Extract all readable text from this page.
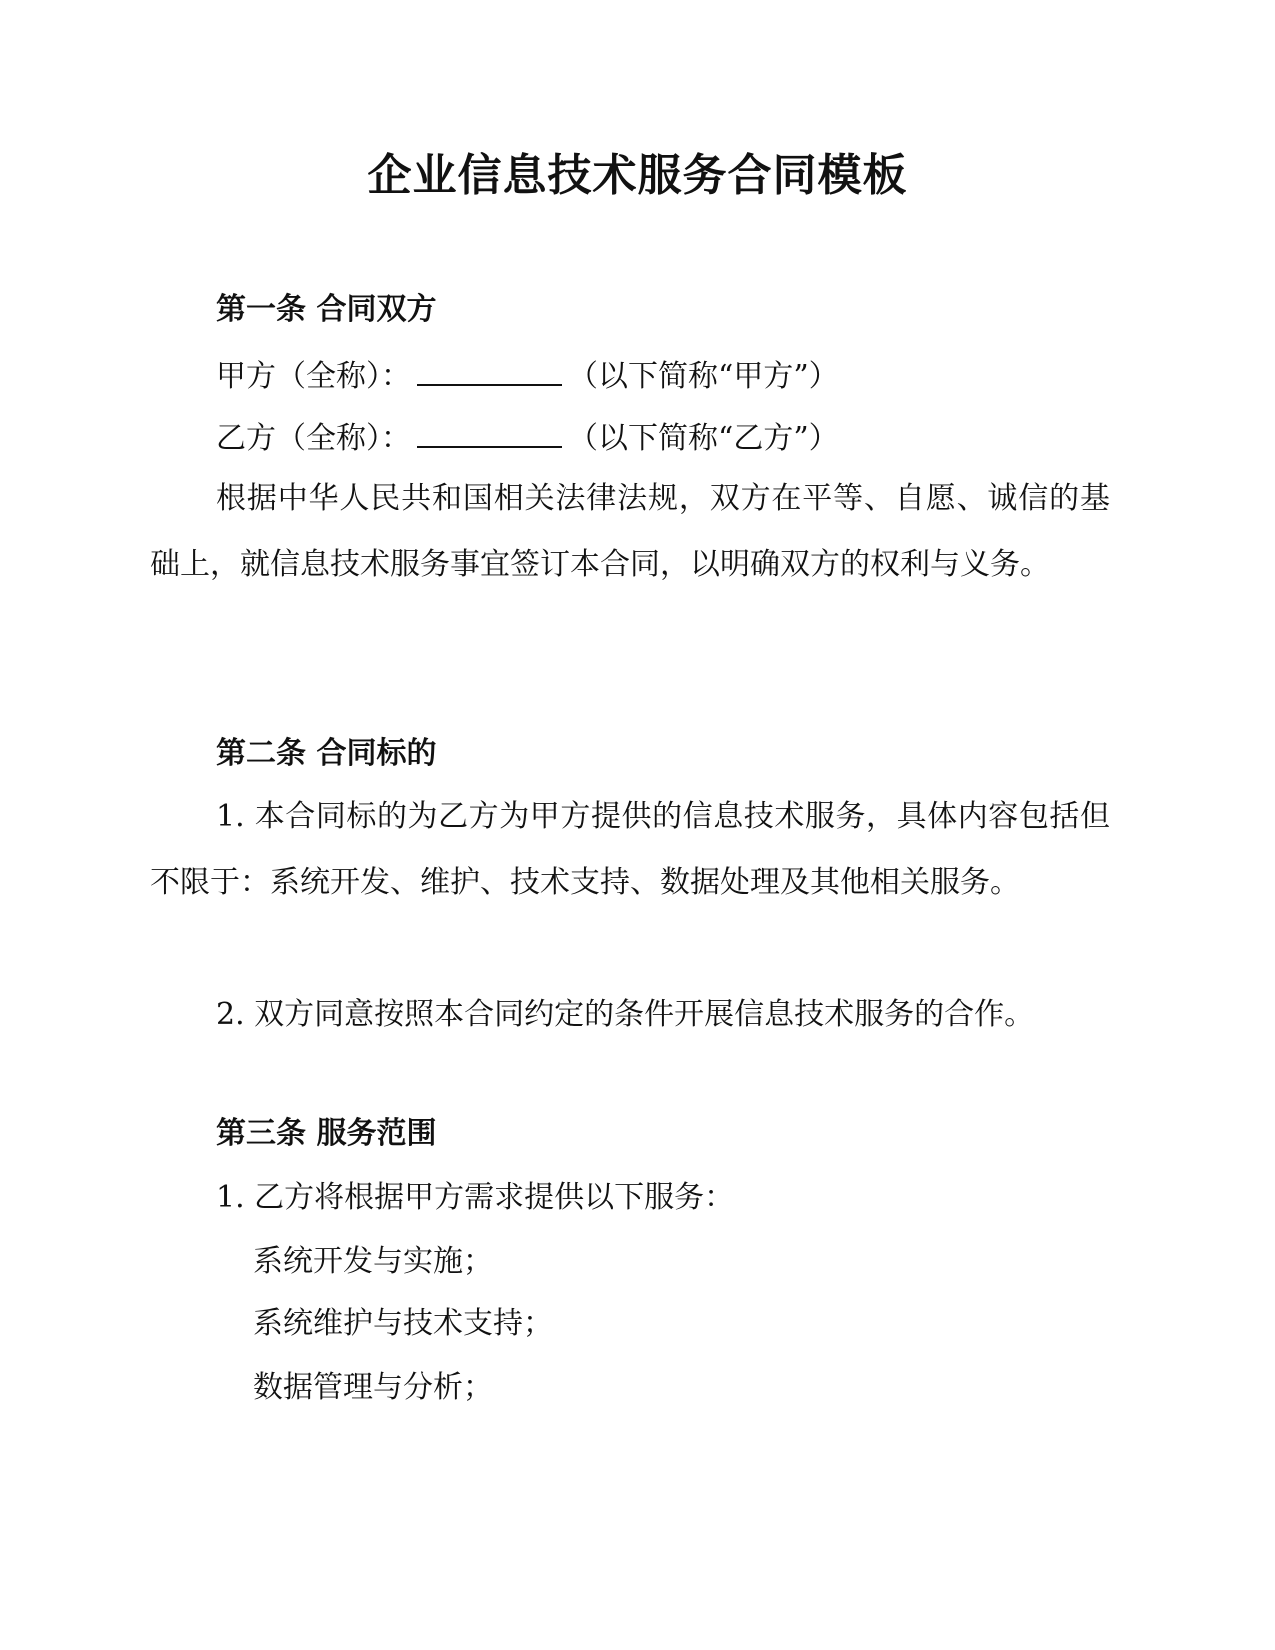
企业信息技术服务合同模板
第一条 合同双方
甲方（全称）：	（以下简称“甲方”）
乙方（全称）：	（以下简称“乙方”）

根据中华人民共和国相关法律法规，双方在平等、自愿、诚信的基础上，就信息技术服务事宜签订本合同，以明确双方的权利与义务。

第二条 合同标的

1. 本合同标的为乙方为甲方提供的信息技术服务，具体内容包括但不限于：系统开发、维护、技术支持、数据处理及其他相关服务。

2. 双方同意按照本合同约定的条件开展信息技术服务的合作。

第三条 服务范围
1. 乙方将根据甲方需求提供以下服务：
系统开发与实施；
系统维护与技术支持；
数据管理与分析；
